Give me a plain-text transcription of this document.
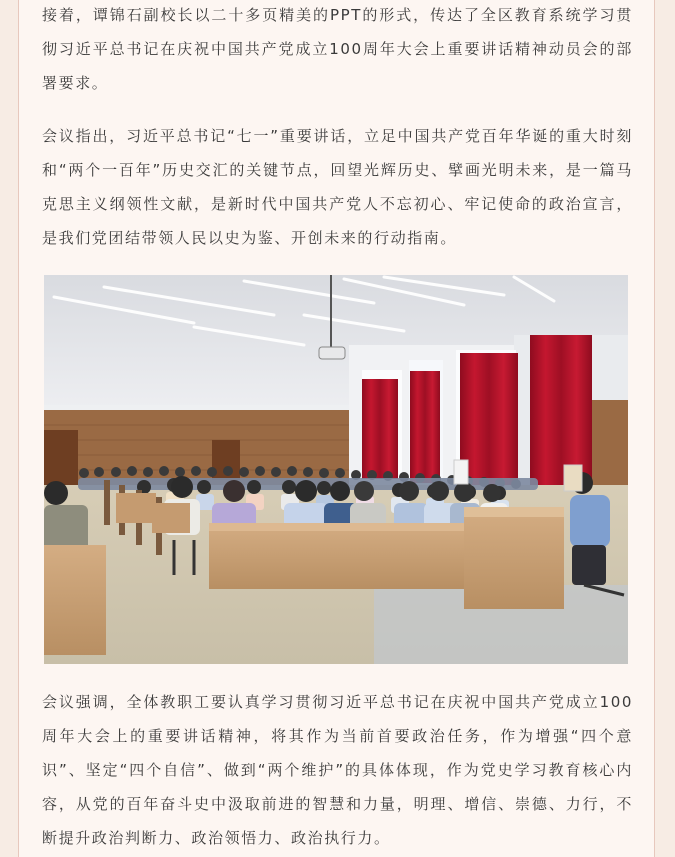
接着，谭锦石副校长以二十多页精美的PPT的形式，传达了全区教育系统学习贯彻习近平总书记在庆祝中国共产党成立100周年大会上重要讲话精神动员会的部署要求。

会议指出，习近平总书记“七一”重要讲话，立足中国共产党百年华诞的重大时刻和“两个一百年”历史交汇的关键节点，回望光辉历史、擘画光明未来，是一篇马克思主义纲领性文献，是新时代中国共产党人不忘初心、牢记使命的政治宣言，是我们党团结带领人民以史为鉴、开创未来的行动指南。

会议强调，全体教职工要认真学习贯彻习近平总书记在庆祝中国共产党成立100周年大会上的重要讲话精神，将其作为当前首要政治任务，作为增强“四个意识”、坚定“四个自信”、做到“两个维护”的具体体现，作为党史学习教育核心内容，从党的百年奋斗史中汲取前进的智慧和力量，明理、增信、崇德、力行，不断提升政治判断力、政治领悟力、政治执行力。
